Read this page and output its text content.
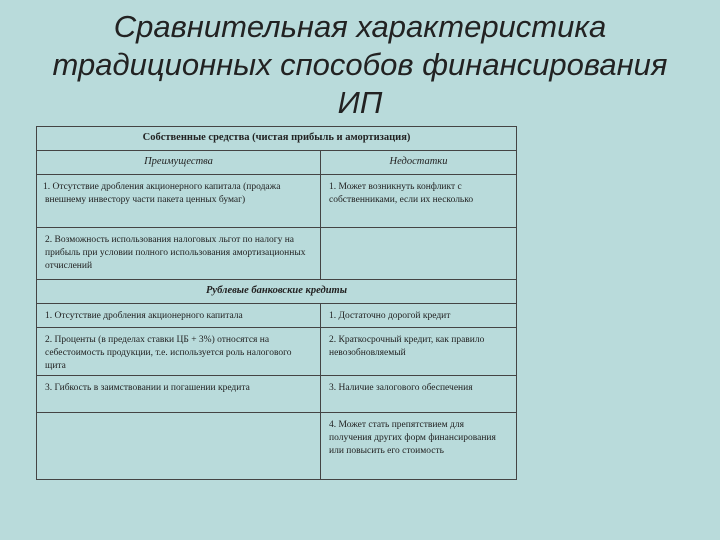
Сравнительная характеристика
традиционных способов финансирования
ИП
Собственные средства (чистая прибыль и амортизация)	

Преимущества	Недостатки

1. Отсутствие дробления акционерного капитала (продажа внешнему инвестору части пакета ценных бумаг)	1. Может возникнуть конфликт с собственниками, если их несколько

2. Возможность использования налоговых льгот по налогу на прибыль при условии полного использования амортизационных отчислений	

Рублевые банковские кредиты	

1. Отсутствие дробления акционерного капитала	1. Достаточно дорогой кредит

2. Проценты (в пределах ставки ЦБ + 3%) относятся на себестоимость продукции, т.е. используется роль налогового щита	2. Краткосрочный кредит, как правило невозобновляемый

3. Гибкость в заимствовании и погашении кредита	3. Наличие залогового обеспечения

	4. Может стать препятствием для получения других форм финансирования или повысить его стоимость
